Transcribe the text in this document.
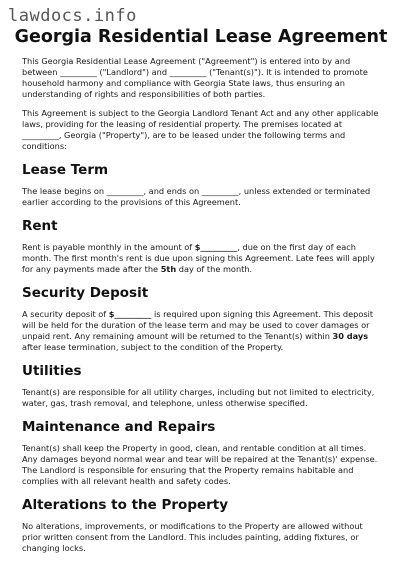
lawdocs.info
Georgia Residential Lease Agreement

This Georgia Residential Lease Agreement ("Agreement") is entered into by and between _________ ("Landlord") and _________ ("Tenant(s)"). It is intended to promote household harmony and compliance with Georgia State laws, thus ensuring an understanding of rights and responsibilities of both parties.

This Agreement is subject to the Georgia Landlord Tenant Act and any other applicable laws, providing for the leasing of residential property. The premises located at _________, Georgia ("Property"), are to be leased under the following terms and conditions:

Lease Term

The lease begins on _________, and ends on _________, unless extended or terminated earlier according to the provisions of this Agreement.

Rent

Rent is payable monthly in the amount of $_________, due on the first day of each month. The first month's rent is due upon signing this Agreement. Late fees will apply for any payments made after the 5th day of the month.

Security Deposit

A security deposit of $_________ is required upon signing this Agreement. This deposit will be held for the duration of the lease term and may be used to cover damages or unpaid rent. Any remaining amount will be returned to the Tenant(s) within 30 days after lease termination, subject to the condition of the Property.

Utilities

Tenant(s) are responsible for all utility charges, including but not limited to electricity, water, gas, trash removal, and telephone, unless otherwise specified.

Maintenance and Repairs

Tenant(s) shall keep the Property in good, clean, and rentable condition at all times. Any damages beyond normal wear and tear will be repaired at the Tenant(s)' expense. The Landlord is responsible for ensuring that the Property remains habitable and complies with all relevant health and safety codes.

Alterations to the Property

No alterations, improvements, or modifications to the Property are allowed without prior written consent from the Landlord. This includes painting, adding fixtures, or changing locks.
